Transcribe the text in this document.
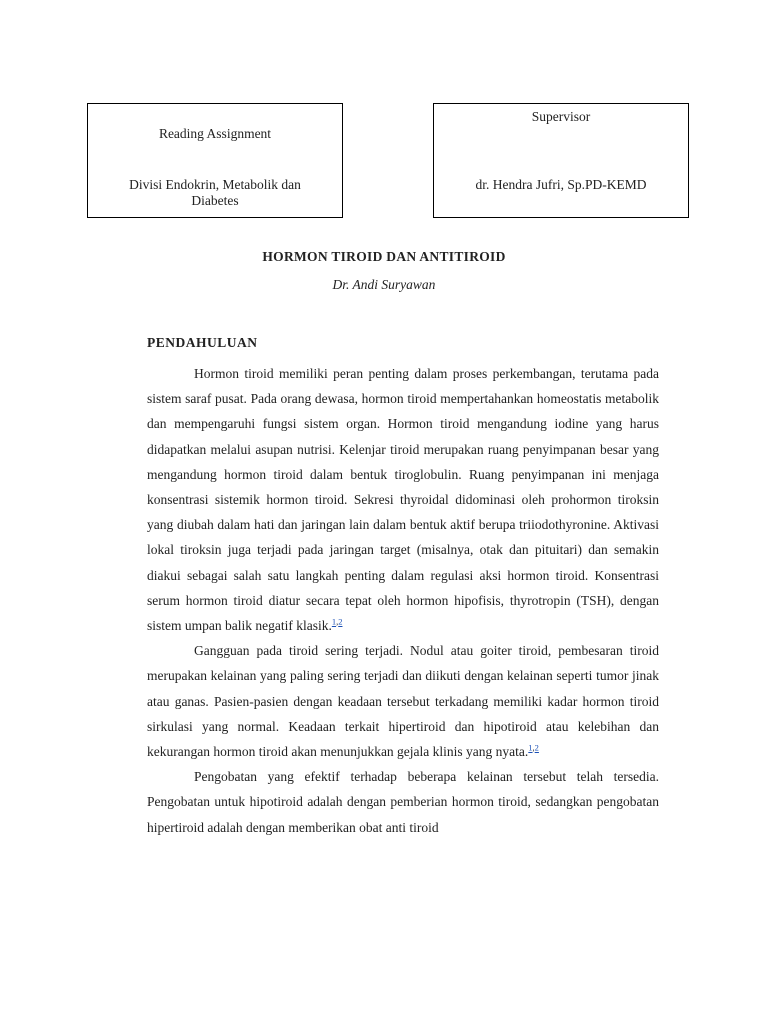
Reading Assignment
Divisi Endokrin, Metabolik dan Diabetes
Supervisor
dr. Hendra Jufri, Sp.PD-KEMD
HORMON TIROID DAN ANTITIROID
Dr. Andi Suryawan
PENDAHULUAN

Hormon tiroid memiliki peran penting dalam proses perkembangan, terutama pada sistem saraf pusat. Pada orang dewasa, hormon tiroid mempertahankan homeostatis metabolik dan mempengaruhi fungsi sistem organ. Hormon tiroid mengandung iodine yang harus didapatkan melalui asupan nutrisi. Kelenjar tiroid merupakan ruang penyimpanan besar yang mengandung hormon tiroid dalam bentuk tiroglobulin. Ruang penyimpanan ini menjaga konsentrasi sistemik hormon tiroid. Sekresi thyroidal didominasi oleh prohormon tiroksin yang diubah dalam hati dan jaringan lain dalam bentuk aktif berupa triiodothyronine. Aktivasi lokal tiroksin juga terjadi pada jaringan target (misalnya, otak dan pituitari) dan semakin diakui sebagai salah satu langkah penting dalam regulasi aksi hormon tiroid. Konsentrasi serum hormon tiroid diatur secara tepat oleh hormon hipofisis, thyrotropin (TSH), dengan sistem umpan balik negatif klasik.$^{1,2}$

Gangguan pada tiroid sering terjadi. Nodul atau goiter tiroid, pembesaran tiroid merupakan kelainan yang paling sering terjadi dan diikuti dengan kelainan seperti tumor jinak atau ganas. Pasien-pasien dengan keadaan tersebut terkadang memiliki kadar hormon tiroid sirkulasi yang normal. Keadaan terkait hipertiroid dan hipotiroid atau kelebihan dan kekurangan hormon tiroid akan menunjukkan gejala klinis yang nyata.$^{1,2}$

Pengobatan yang efektif terhadap beberapa kelainan tersebut telah tersedia. Pengobatan untuk hipotiroid adalah dengan pemberian hormon tiroid, sedangkan pengobatan hipertiroid adalah dengan memberikan obat anti tiroid
